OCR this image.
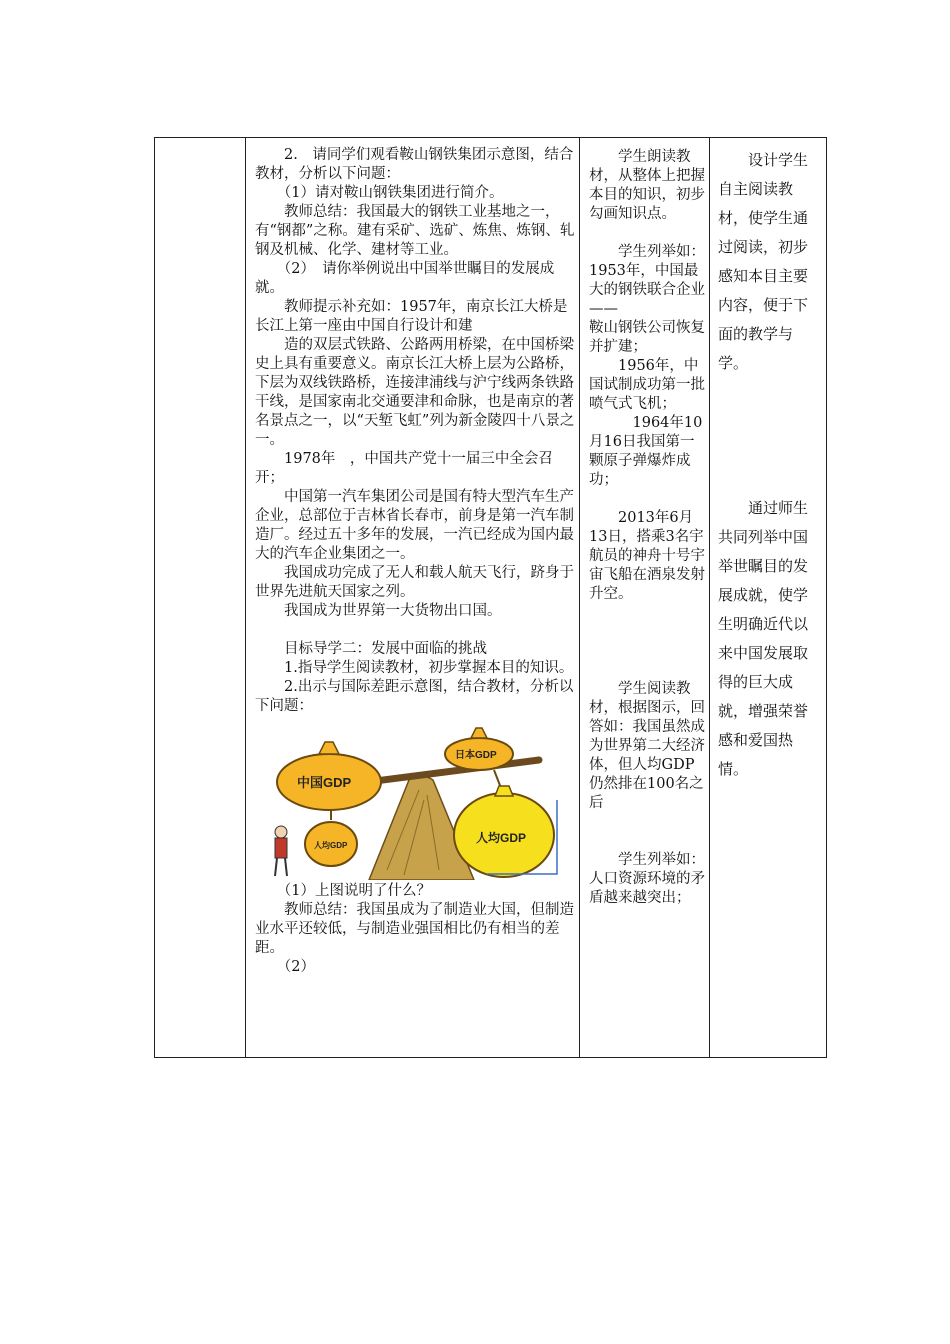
　　2.　请同学们观看鞍山钢铁集团示意图，结合教材，分析以下问题：

　　（1）请对鞍山钢铁集团进行简介。

　　教师总结：我国最大的钢铁工业基地之一，有“钢都”之称。建有采矿、选矿、炼焦、炼钢、轧钢及机械、化学、建材等工业。

　　（2）　请你举例说出中国举世瞩目的发展成就。

　　教师提示补充如：1957年，南京长江大桥是长江上第一座由中国自行设计和建

　　造的双层式铁路、公路两用桥梁，在中国桥梁史上具有重要意义。南京长江大桥上层为公路桥，下层为双线铁路桥，连接津浦线与沪宁线两条铁路干线，是国家南北交通要津和命脉，也是南京的著名景点之一，以“天堑飞虹”列为新金陵四十八景之一。

　　1978年　，中国共产党十一届三中全会召开；

　　中国第一汽车集团公司是国有特大型汽车生产企业，总部位于吉林省长春市，前身是第一汽车制造厂。经过五十多年的发展，一汽已经成为国内最大的汽车企业集团之一。

　　我国成功完成了无人和载人航天飞行，跻身于世界先进航天国家之列。

　　我国成为世界第一大货物出口国。

　　目标导学二：发展中面临的挑战

　　1.指导学生阅读教材，初步掌握本目的知识。

　　2.出示与国际差距示意图，结合教材，分析以下问题：

中国GDP
日本GDP
人均GDP
人均GDP

　　（1）上图说明了什么？

　　教师总结：我国虽成为了制造业大国，但制造业水平还较低，与制造业强国相比仍有相当的差距。

　　（2）

　　学生朗读教材，从整体上把握本目的知识，初步勾画知识点。

　　学生列举如：1953年，中国最大的钢铁联合企业——

鞍山钢铁公司恢复并扩建；

　　1956年，中国试制成功第一批喷气式飞机；

　　　1964年10月16日我国第一颗原子弹爆炸成功；

　　2013年6月13日，搭乘3名宇航员的神舟十号宇宙飞船在酒泉发射升空。

　　学生阅读教材，根据图示，回答如：我国虽然成为世界第二大经济体，但人均GDP仍然排在100名之后

　　学生列举如：人口资源环境的矛盾越来越突出；

　　设计学生自主阅读教材，使学生通过阅读，初步感知本目主要内容，便于下面的教学与学。

　　通过师生共同列举中国举世瞩目的发展成就，使学生明确近代以来中国发展取得的巨大成就，增强荣誉感和爱国热情。
